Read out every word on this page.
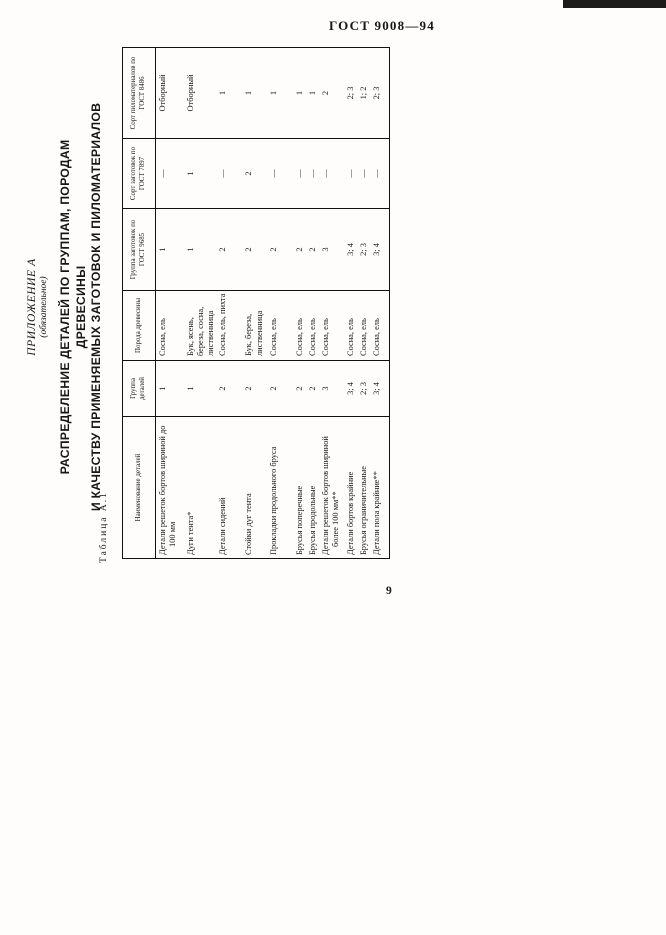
ГОСТ 9008—94
ПРИЛОЖЕНИЕ А (обязательное) РАСПРЕДЕЛЕНИЕ ДЕТАЛЕЙ ПО ГРУППАМ, ПОРОДАМ ДРЕВЕСИНЫ И КАЧЕСТВУ ПРИМЕНЯЕМЫХ ЗАГОТОВОК И ПИЛОМАТЕРИАЛОВ
Таблица А.1
Наименование деталей	Группа деталей	Порода древесины	Группа заготовок по ГОСТ 9685	Сорт заготовок по ГОСТ 7897	Сорт пиломатериалов по ГОСТ 8486
Детали решеток бортов шириной до 100 мм	1	Сосна, ель	1	—	Отборный
Дуги тента*	1	Бук, ясень, береза, сосна, лиственница	1	1	Отборный
Детали сидений	2	Сосна, ель, пихта	2	—	1
Стойки дуг тента	2	Бук, береза, лиственница	2	2	1
Прокладки продольного бруса	2	Сосна, ель	2	—	1
Брусья поперечные	2	Сосна, ель	2	—	1
Брусья продольные	2	Сосна, ель	2	—	1
Детали решеток бортов шириной более 100 мм**	3	Сосна, ель	3	—	2
Детали бортов крайние	3; 4	Сосна, ель	3; 4	—	2; 3
Брусья ограничительные	2; 3	Сосна, ель	2; 3	—	1; 2
Детали пола крайние**	3; 4	Сосна, ель	3; 4	—	2; 3
9
